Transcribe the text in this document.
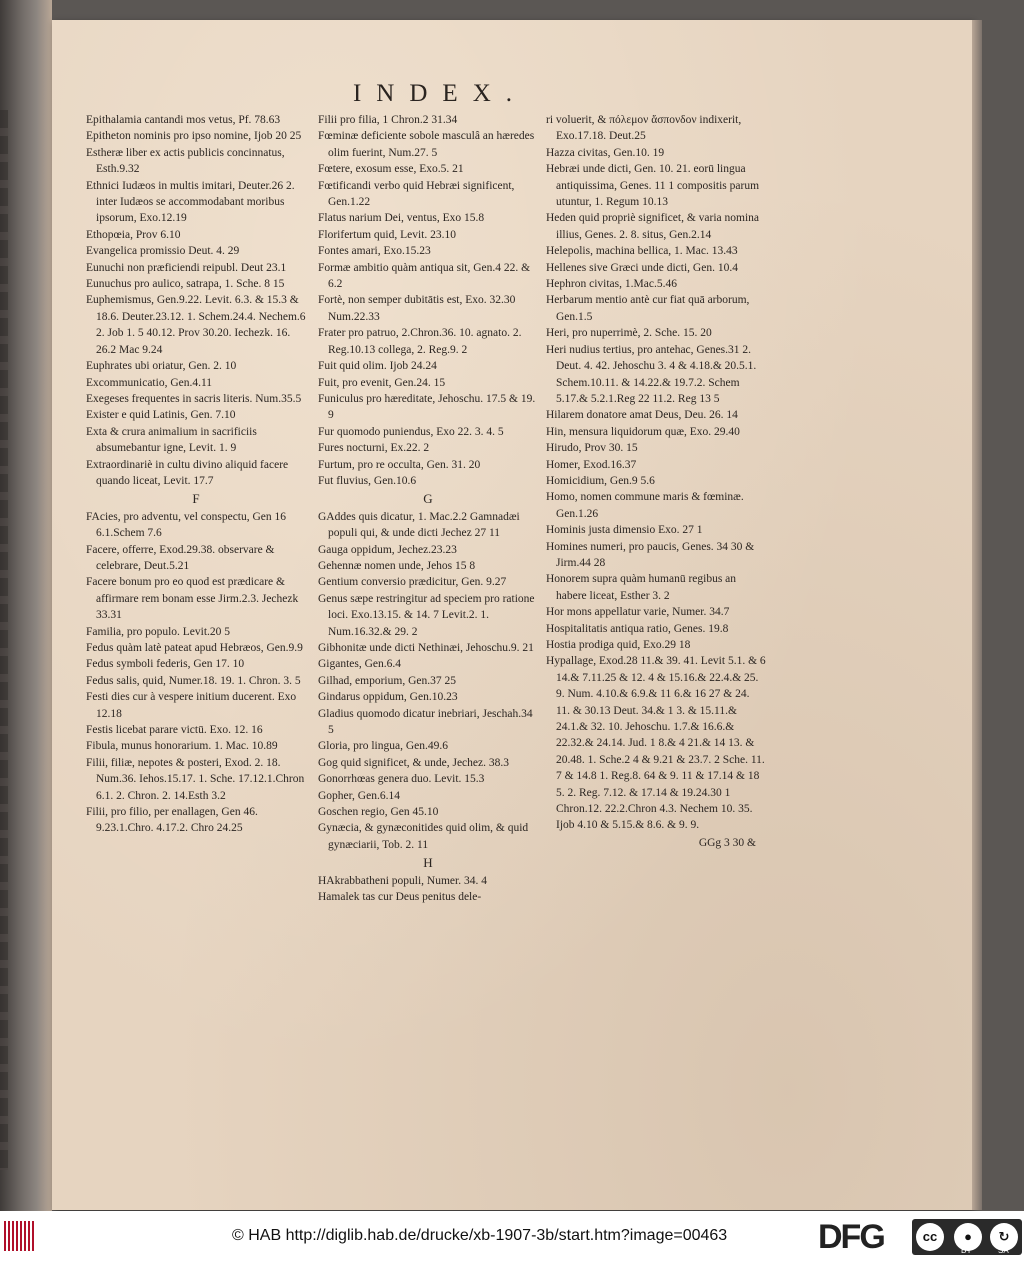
INDEX.
Epithalamia cantandi mos vetus, Pf. 78.63
Epitheton nominis pro ipso nomine, Ijob 20 25
Estheræ liber ex actis publicis concinnatus, Esth.9.32
Ethnici Iudæos in multis imitari, Deuter.26 2. inter Iudæos se accommodabant moribus ipsorum, Exo.12.19
Ethopœia, Prov 6.10
Evangelica promissio Deut. 4. 29
Eunuchi non præficiendi reipubl. Deut 23.1
Eunuchus pro aulico, satrapa, 1. Sche. 8 15
Euphemismus, Gen.9.22. Levit. 6.3. & 15.3 & 18.6. Deuter.23.12. 1. Schem.24.4. Nechem.6 2. Job 1. 5 40.12. Prov 30.20. Iechezk. 16. 26.2 Mac 9.24
Euphrates ubi oriatur, Gen. 2. 10
Excommunicatio, Gen.4.11
Exegeses frequentes in sacris literis. Num.35.5
Exister e quid Latinis, Gen. 7.10
Exta & crura animalium in sacrificiis absumebantur igne, Levit. 1. 9
Extraordinariè in cultu divino aliquid facere quando liceat, Levit. 17.7
F
FAcies, pro adventu, vel conspectu, Gen 16 6.1.Schem 7.6
Facere, offerre, Exod.29.38. observare & celebrare, Deut.5.21
Facere bonum pro eo quod est prædicare & affirmare rem bonam esse Jirm.2.3. Jechezk 33.31
Familia, pro populo. Levit.20 5
Fedus quàm latè pateat apud Hebræos, Gen.9.9
Fedus symboli federis, Gen 17. 10
Fedus salis, quid, Numer.18. 19. 1. Chron. 3. 5
Festi dies cur à vespere initium ducerent. Exo 12.18
Festis licebat parare victū. Exo. 12. 16
Fibula, munus honorarium. 1. Mac. 10.89
Filii, filiæ, nepotes & posteri, Exod. 2. 18. Num.36. Iehos.15.17. 1. Sche. 17.12.1.Chron 6.1. 2. Chron. 2. 14.Esth 3.2
Filii, pro filio, per enallagen, Gen 46. 9.23.1.Chro. 4.17.2. Chro 24.25
Filii pro filia, 1 Chron.2 31.34
Fœminæ deficiente sobole masculâ an hæredes olim fuerint, Num.27. 5
Fœtere, exosum esse, Exo.5. 21
Fœtificandi verbo quid Hebræi significent, Gen.1.22
Flatus narium Dei, ventus, Exo 15.8
Florifertum quid, Levit. 23.10
Fontes amari, Exo.15.23
Formæ ambitio quàm antiqua sit, Gen.4 22. & 6.2
Fortè, non semper dubitātis est, Exo. 32.30 Num.22.33
Frater pro patruo, 2.Chron.36. 10. agnato. 2. Reg.10.13 collega, 2. Reg.9. 2
Fuit quid olim. Ijob 24.24
Fuit, pro evenit, Gen.24. 15
Funiculus pro hæreditate, Jehoschu. 17.5 & 19. 9
Fur quomodo puniendus, Exo 22. 3. 4. 5
Fures nocturni, Ex.22. 2
Furtum, pro re occulta, Gen. 31. 20
Fut fluvius, Gen.10.6
G
GAddes quis dicatur, 1. Mac.2.2 Gamnadæi populi qui, & unde dicti Jechez 27 11
Gauga oppidum, Jechez.23.23
Gehennæ nomen unde, Jehos 15 8
Gentium conversio prædicitur, Gen. 9.27
Genus sæpe restringitur ad speciem pro ratione loci. Exo.13.15. & 14. 7 Levit.2. 1. Num.16.32.& 29. 2
Gibhonitæ unde dicti Nethinæi, Jehoschu.9. 21
Gigantes, Gen.6.4
Gilhad, emporium, Gen.37 25
Gindarus oppidum, Gen.10.23
Gladius quomodo dicatur inebriari, Jeschah.34 5
Gloria, pro lingua, Gen.49.6
Gog quid significet, & unde, Jechez. 38.3
Gonorrhœas genera duo. Levit. 15.3
Gopher, Gen.6.14
Goschen regio, Gen 45.10
Gynæcia, & gynæconitides quid olim, & quid gynæciarii, Tob. 2. 11
H
HAkrabbatheni populi, Numer. 34. 4
Hamalek tas cur Deus penitus dele-
ri voluerit, & πόλεμον ἄσπονδον indixerit, Exo.17.18. Deut.25
Hazza civitas, Gen.10. 19
Hebræi unde dicti, Gen. 10. 21. eorū lingua antiquissima, Genes. 11 1 compositis parum utuntur, 1. Regum 10.13
Heden quid propriè significet, & varia nomina illius, Genes. 2. 8. situs, Gen.2.14
Helepolis, machina bellica, 1. Mac. 13.43
Hellenes sive Græci unde dicti, Gen. 10.4
Hephron civitas, 1.Mac.5.46
Herbarum mentio antè cur fiat quā arborum, Gen.1.5
Heri, pro nuperrimè, 2. Sche. 15. 20
Heri nudius tertius, pro antehac, Genes.31 2. Deut. 4. 42. Jehoschu 3. 4 & 4.18.& 20.5.1. Schem.10.11. & 14.22.& 19.7.2. Schem 5.17.& 5.2.1.Reg 22 11.2. Reg 13 5
Hilarem donatore amat Deus, Deu. 26. 14
Hin, mensura liquidorum quæ, Exo. 29.40
Hirudo, Prov 30. 15
Homer, Exod.16.37
Homicidium, Gen.9 5.6
Homo, nomen commune maris & fœminæ. Gen.1.26
Hominis justa dimensio Exo. 27 1
Homines numeri, pro paucis, Genes. 34 30 & Jirm.44 28
Honorem supra quàm humanū regibus an habere liceat, Esther 3. 2
Hor mons appellatur varie, Numer. 34.7
Hospitalitatis antiqua ratio, Genes. 19.8
Hostia prodiga quid, Exo.29 18
Hypallage, Exod.28 11.& 39. 41. Levit 5.1. & 6 14.& 7.11.25 & 12. 4 & 15.16.& 22.4.& 25. 9. Num. 4.10.& 6.9.& 11 6.& 16 27 & 24. 11. & 30.13 Deut. 34.& 1 3. & 15.11.& 24.1.& 32. 10. Jehoschu. 1.7.& 16.6.& 22.32.& 24.14. Jud. 1 8.& 4 21.& 14 13. & 20.48. 1. Sche.2 4 & 9.21 & 23.7. 2 Sche. 11. 7 & 14.8 1. Reg.8. 64 & 9. 11 & 17.14 & 18 5. 2. Reg. 7.12. & 17.14 & 19.24.30 1 Chron.12. 22.2.Chron 4.3. Nechem 10. 35. Ijob 4.10 & 5.15.& 8.6. & 9. 9.
GGg 3 30 &
© HAB http://diglib.hab.de/drucke/xb-1907-3b/start.htm?image=00463	DFG	cc	●	↻
BY	SA
